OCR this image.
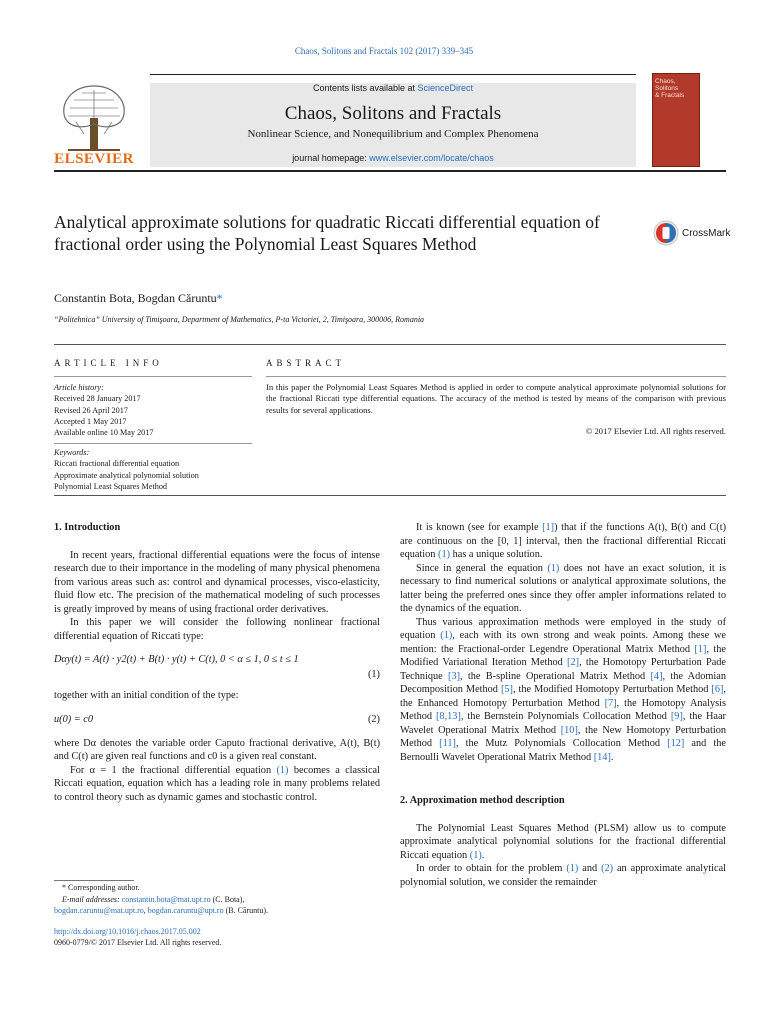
Chaos, Solitons and Fractals 102 (2017) 339–345
ELSEVIER
Contents lists available at ScienceDirect
Chaos, Solitons and Fractals
Nonlinear Science, and Nonequilibrium and Complex Phenomena
journal homepage: www.elsevier.com/locate/chaos
Chaos,
Solitons
& Fractals
Analytical approximate solutions for quadratic Riccati differential equation of fractional order using the Polynomial Least Squares Method
CrossMark
Constantin Bota, Bogdan Căruntu*
“Politehnica” University of Timişoara, Department of Mathematics, P-ta Victoriei, 2, Timişoara, 300006, Romania
ARTICLE INFO
Article history:
Received 28 January 2017
Revised 26 April 2017
Accepted 1 May 2017
Available online 10 May 2017
Keywords:
Riccati fractional differential equation
Approximate analytical polynomial solution
Polynomial Least Squares Method
ABSTRACT
In this paper the Polynomial Least Squares Method is applied in order to compute analytical approximate polynomial solutions for the fractional Riccati type differential equations. The accuracy of the method is tested by means of the comparison with previous results for several applications.
© 2017 Elsevier Ltd. All rights reserved.
1. Introduction

In recent years, fractional differential equations were the focus of intense research due to their importance in the modeling of many physical phenomena from various areas such as: control and dynamical processes, visco-elasticity, fluid flow etc. The precision of the mathematical modeling of such processes is greatly improved by means of using fractional order derivatives.

In this paper we will consider the following nonlinear fractional differential equation of Riccati type:

Dαy(t) = A(t) · y2(t) + B(t) · y(t) + C(t), 0 < α ≤ 1, 0 ≤ t ≤ 1
(1)

together with an initial condition of the type:

u(0) = c0	(2)

where Dα denotes the variable order Caputo fractional derivative, A(t), B(t) and C(t) are given real functions and c0 is a given real constant.

For α = 1 the fractional differential equation (1) becomes a classical Riccati equation, equation which has a leading role in many problems related to control theory such as dynamic games and stochastic control.

* Corresponding author.
E-mail addresses: constantin.bota@mat.upt.ro (C. Bota),
bogdan.caruntu@mat.upt.ro, bogdan.caruntu@upt.ro (B. Căruntu).
http://dx.doi.org/10.1016/j.chaos.2017.05.002
0960-0779/© 2017 Elsevier Ltd. All rights reserved.

It is known (see for example [1]) that if the functions A(t), B(t) and C(t) are continuous on the [0, 1] interval, then the fractional differential Riccati equation (1) has a unique solution.

Since in general the equation (1) does not have an exact solution, it is necessary to find numerical solutions or analytical approximate solutions, the latter being the preferred ones since they offer ampler informations related to the dynamics of the equation.

Thus various approximation methods were employed in the study of equation (1), each with its own strong and weak points. Among these we mention: the Fractional-order Legendre Operational Matrix Method [1], the Modified Variational Iteration Method [2], the Homotopy Perturbation Pade Technique [3], the B-spline Operational Matrix Method [4], the Adomian Decomposition Method [5], the Modified Homotopy Perturbation Method [6], the Enhanced Homotopy Perturbation Method [7], the Homotopy Analysis Method [8,13], the Bernstein Polynomials Collocation Method [9], the Haar Wavelet Operational Matrix Method [10], the New Homotopy Perturbation Method [11], the Mutz Polynomials Collocation Method [12] and the Bernoulli Wavelet Operational Matrix Method [14].

2. Approximation method description

The Polynomial Least Squares Method (PLSM) allow us to compute approximate analytical polynomial solutions for the fractional differential Riccati equation (1).

In order to obtain for the problem (1) and (2) an approximate analytical polynomial solution, we consider the remainder
